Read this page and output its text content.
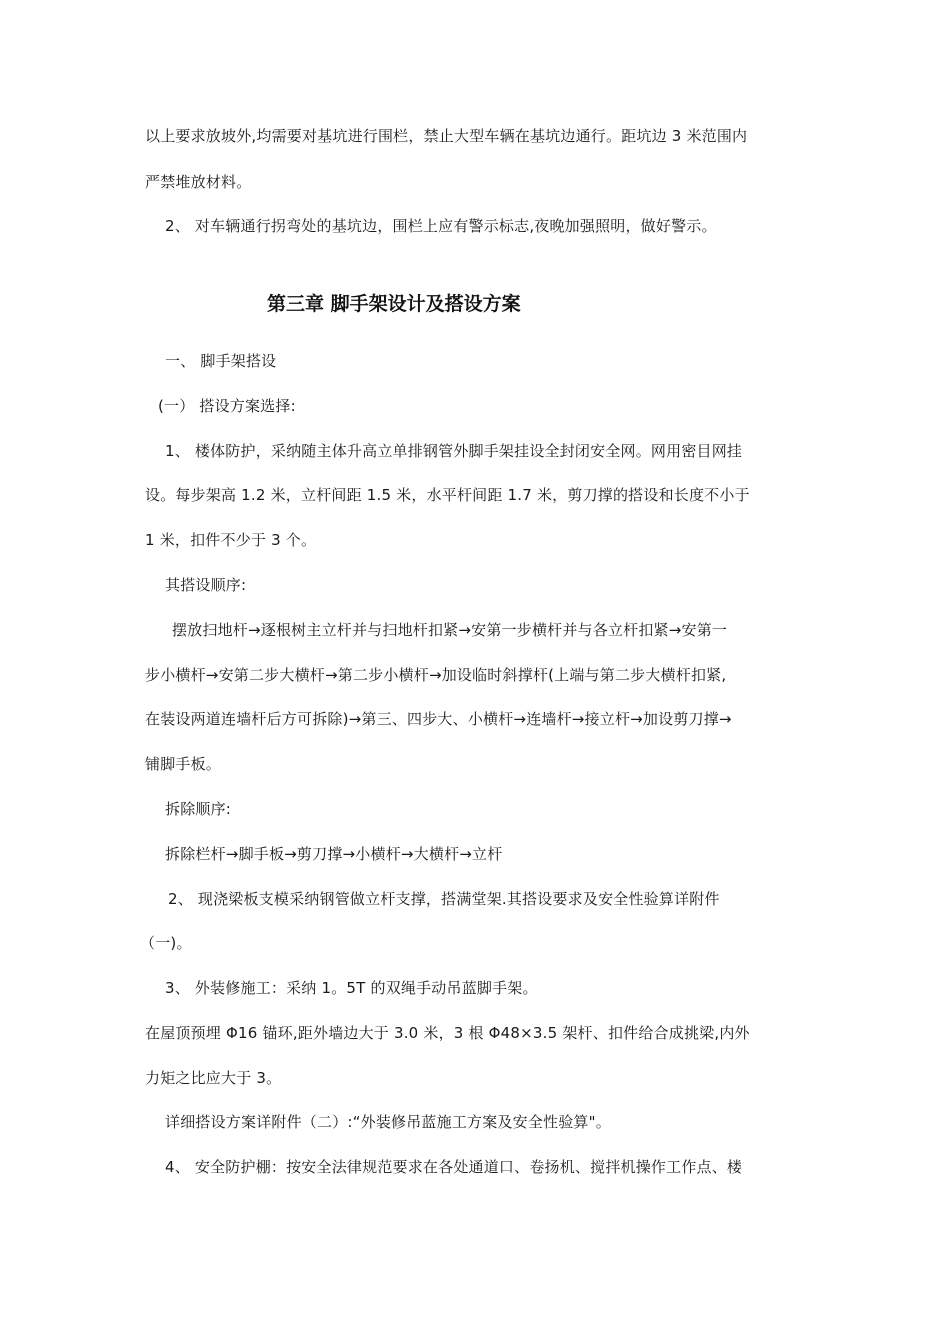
以上要求放坡外,均需要对基坑进行围栏，禁止大型车辆在基坑边通行。距坑边 3 米范围内
严禁堆放材料。
2、 对车辆通行拐弯处的基坑边，围栏上应有警示标志,夜晚加强照明，做好警示。
第三章 脚手架设计及搭设方案
一、 脚手架搭设
(一） 搭设方案选择:
1、 楼体防护，采纳随主体升高立单排钢管外脚手架挂设全封闭安全网。网用密目网挂
设。每步架高 1.2 米，立杆间距 1.5 米，水平杆间距 1.7 米，剪刀撑的搭设和长度不小于
1 米，扣件不少于 3 个。
其搭设顺序:
摆放扫地杆→逐根树主立杆并与扫地杆扣紧→安第一步横杆并与各立杆扣紧→安第一
步小横杆→安第二步大横杆→第二步小横杆→加设临时斜撑杆(上端与第二步大横杆扣紧,
在装设两道连墙杆后方可拆除)→第三、四步大、小横杆→连墙杆→接立杆→加设剪刀撑→
铺脚手板。
拆除顺序:
拆除栏杆→脚手板→剪刀撑→小横杆→大横杆→立杆
2、 现浇梁板支模采纳钢管做立杆支撑，搭满堂架.其搭设要求及安全性验算详附件
（一)。
3、 外装修施工：采纳 1。5T 的双绳手动吊蓝脚手架。
在屋顶预埋 Φ16 锚环,距外墙边大于 3.0 米，3 根 Φ48×3.5 架杆、扣件给合成挑梁,内外
力矩之比应大于 3。
详细搭设方案详附件（二）:“外装修吊蓝施工方案及安全性验算"。
4、 安全防护棚：按安全法律规范要求在各处通道口、卷扬机、搅拌机操作工作点、楼
